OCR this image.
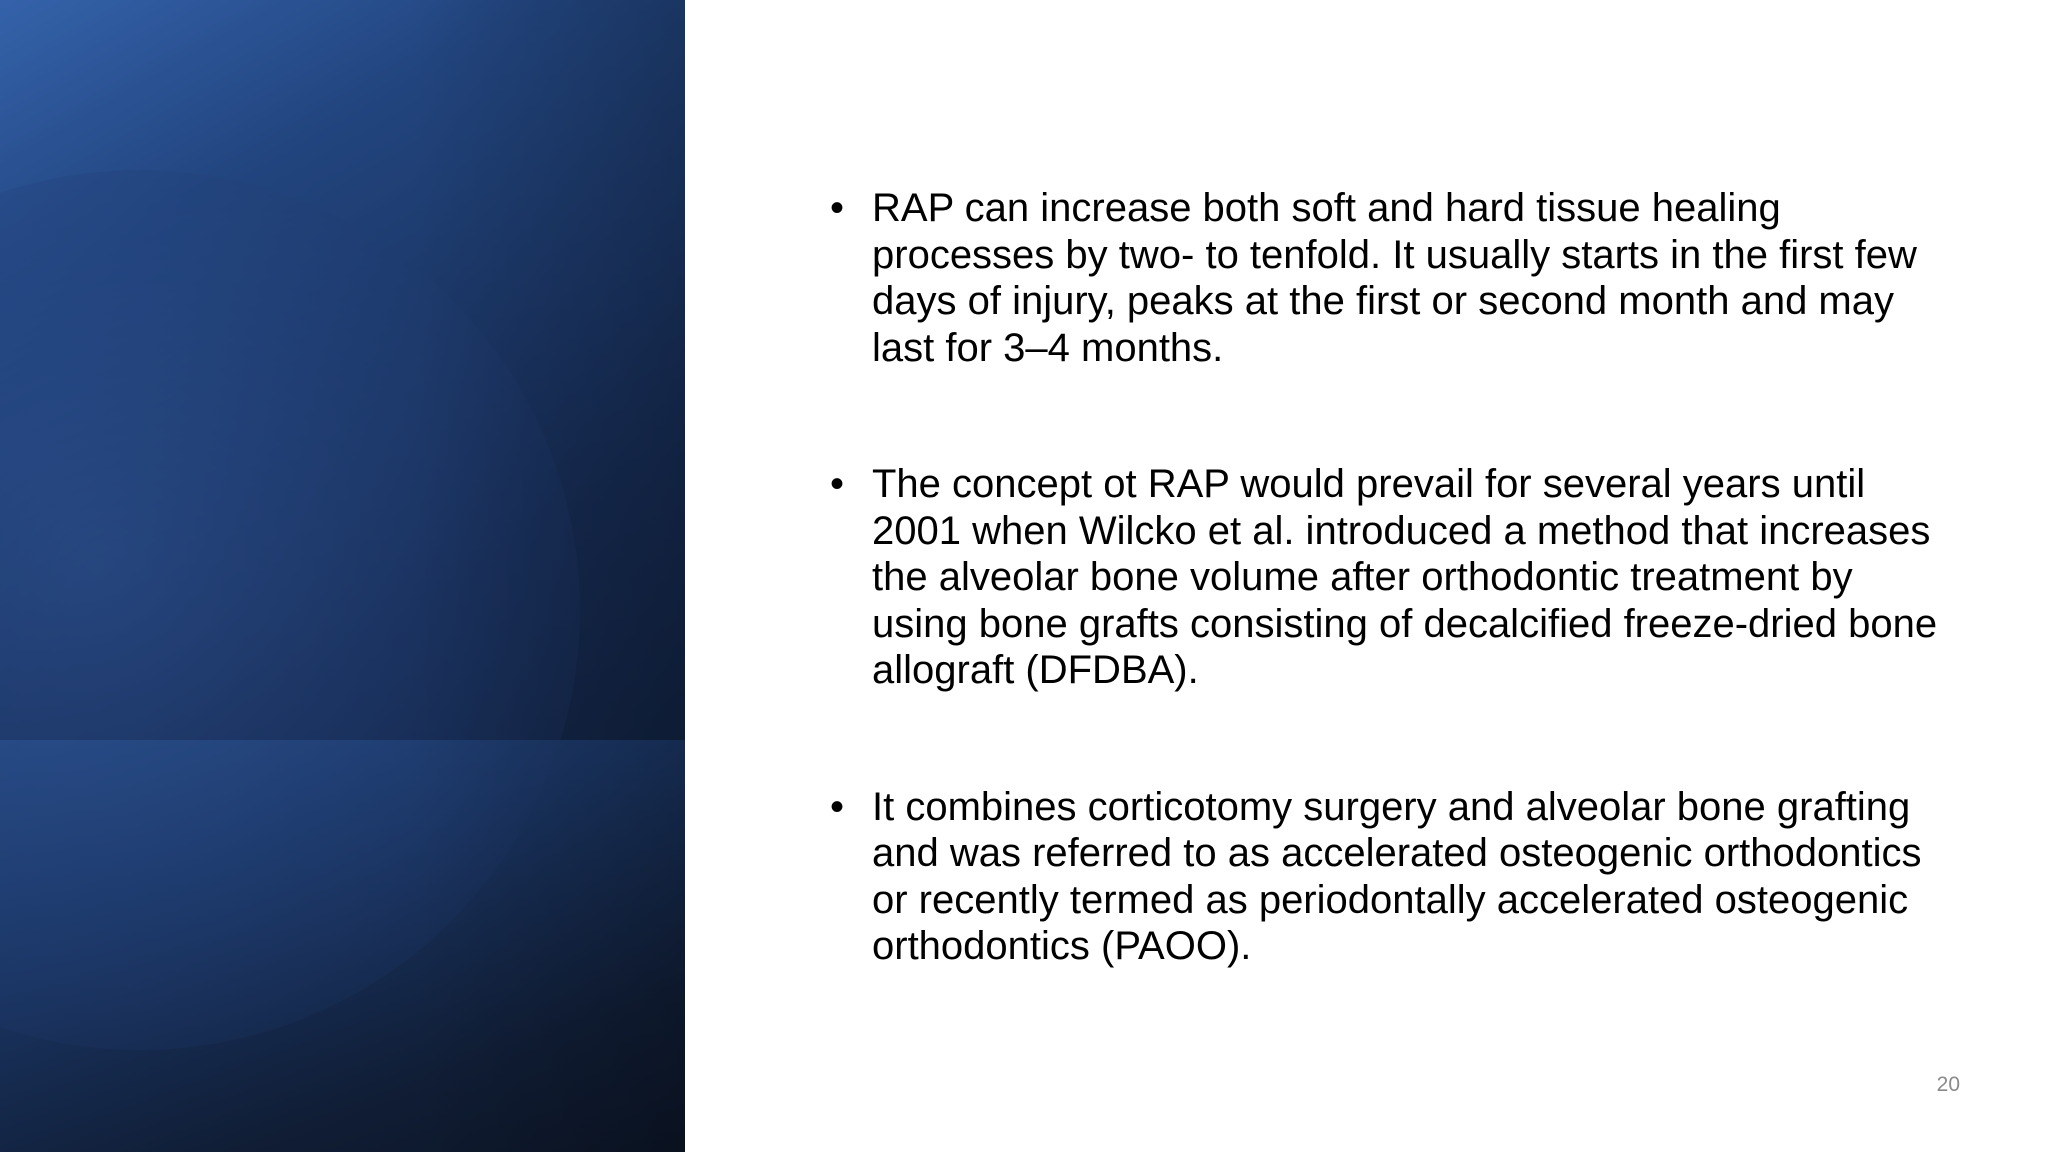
• RAP can increase both soft and hard tissue healing processes by two- to tenfold. It usually starts in the first few days of injury, peaks at the first or second month and may last for 3–4 months.

• The concept ot RAP would prevail for several years until 2001 when Wilcko et al. introduced a method that increases the alveolar bone volume after orthodontic treatment by using bone grafts consisting of decalcified freeze-dried bone allograft (DFDBA).

• It combines corticotomy surgery and alveolar bone grafting and was referred to as accelerated osteogenic orthodontics or recently termed as periodontally accelerated osteogenic orthodontics (PAOO).

20
